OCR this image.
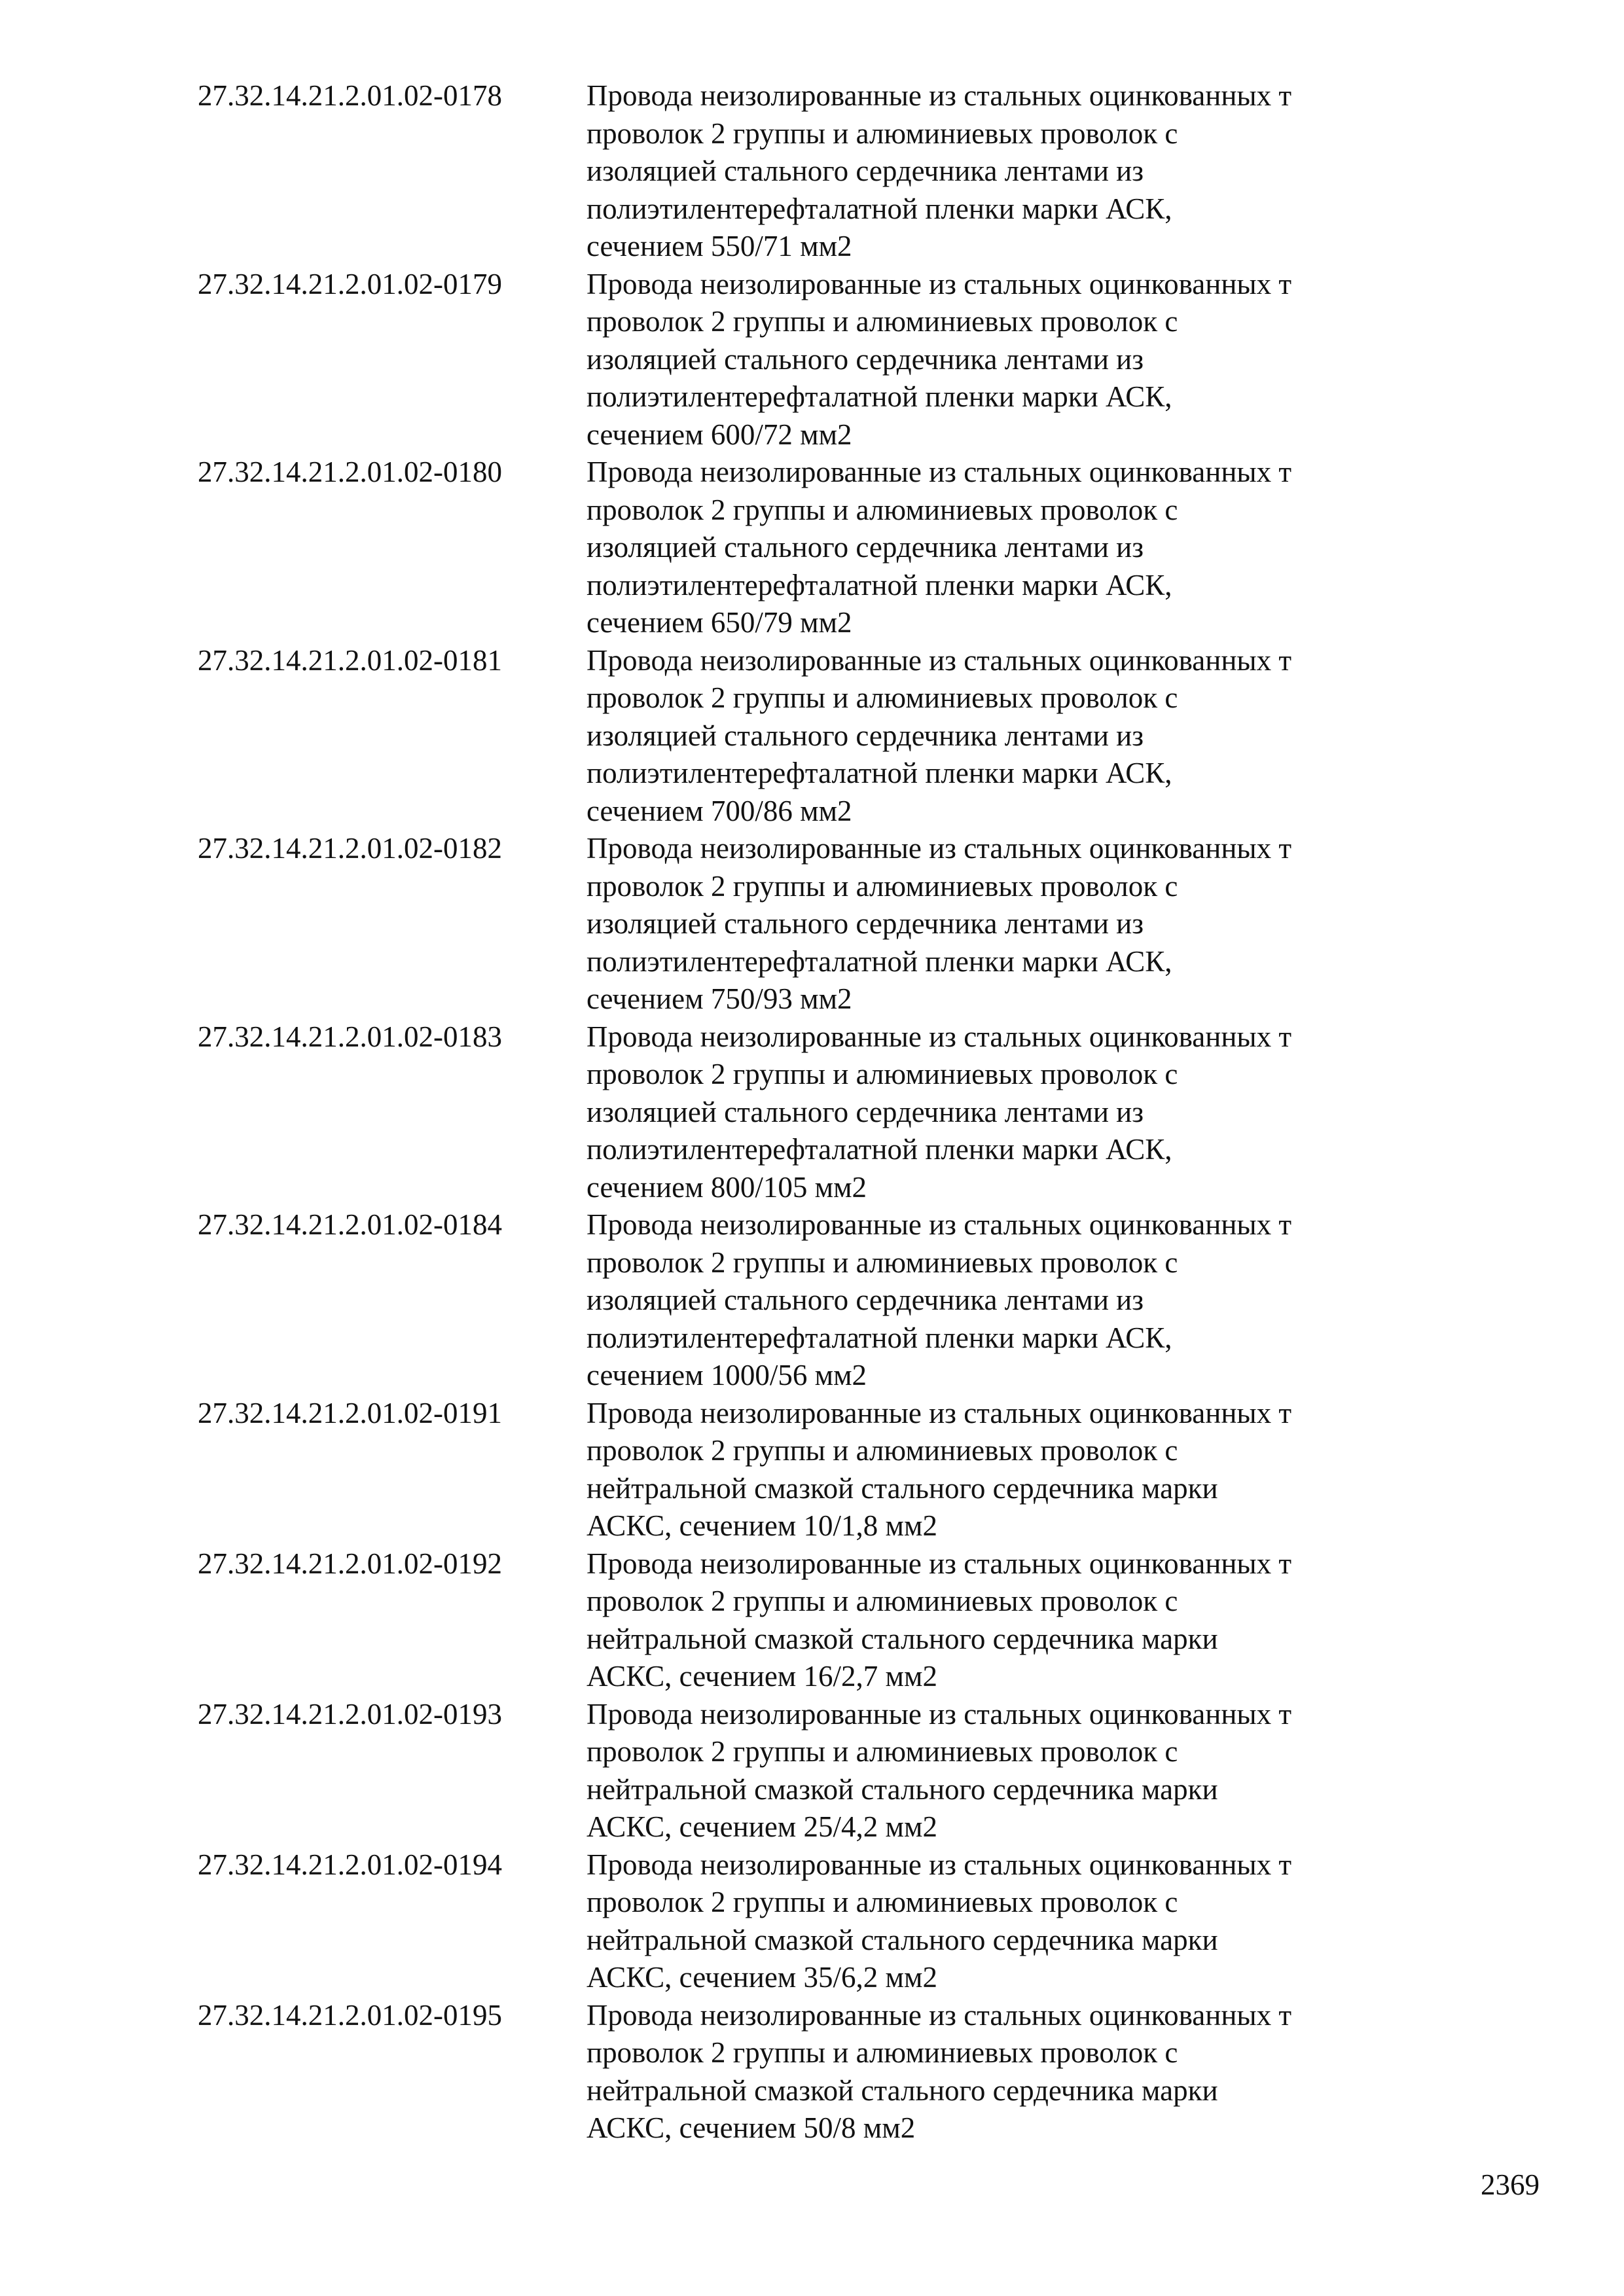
27.32.14.21.2.01.02-0178	Провода неизолированные из стальных оцинкованных т
проволок 2 группы и алюминиевых проволок с
изоляцией стального сердечника лентами из
полиэтилентерефталатной пленки марки АСК,
сечением 550/71 мм2
27.32.14.21.2.01.02-0179	Провода неизолированные из стальных оцинкованных т
проволок 2 группы и алюминиевых проволок с
изоляцией стального сердечника лентами из
полиэтилентерефталатной пленки марки АСК,
сечением 600/72 мм2
27.32.14.21.2.01.02-0180	Провода неизолированные из стальных оцинкованных т
проволок 2 группы и алюминиевых проволок с
изоляцией стального сердечника лентами из
полиэтилентерефталатной пленки марки АСК,
сечением 650/79 мм2
27.32.14.21.2.01.02-0181	Провода неизолированные из стальных оцинкованных т
проволок 2 группы и алюминиевых проволок с
изоляцией стального сердечника лентами из
полиэтилентерефталатной пленки марки АСК,
сечением 700/86 мм2
27.32.14.21.2.01.02-0182	Провода неизолированные из стальных оцинкованных т
проволок 2 группы и алюминиевых проволок с
изоляцией стального сердечника лентами из
полиэтилентерефталатной пленки марки АСК,
сечением 750/93 мм2
27.32.14.21.2.01.02-0183	Провода неизолированные из стальных оцинкованных т
проволок 2 группы и алюминиевых проволок с
изоляцией стального сердечника лентами из
полиэтилентерефталатной пленки марки АСК,
сечением 800/105 мм2
27.32.14.21.2.01.02-0184	Провода неизолированные из стальных оцинкованных т
проволок 2 группы и алюминиевых проволок с
изоляцией стального сердечника лентами из
полиэтилентерефталатной пленки марки АСК,
сечением 1000/56 мм2
27.32.14.21.2.01.02-0191	Провода неизолированные из стальных оцинкованных т
проволок 2 группы и алюминиевых проволок с
нейтральной смазкой стального сердечника марки
АСКС, сечением 10/1,8 мм2
27.32.14.21.2.01.02-0192	Провода неизолированные из стальных оцинкованных т
проволок 2 группы и алюминиевых проволок с
нейтральной смазкой стального сердечника марки
АСКС, сечением 16/2,7 мм2
27.32.14.21.2.01.02-0193	Провода неизолированные из стальных оцинкованных т
проволок 2 группы и алюминиевых проволок с
нейтральной смазкой стального сердечника марки
АСКС, сечением 25/4,2 мм2
27.32.14.21.2.01.02-0194	Провода неизолированные из стальных оцинкованных т
проволок 2 группы и алюминиевых проволок с
нейтральной смазкой стального сердечника марки
АСКС, сечением 35/6,2 мм2
27.32.14.21.2.01.02-0195	Провода неизолированные из стальных оцинкованных т
проволок 2 группы и алюминиевых проволок с
нейтральной смазкой стального сердечника марки
АСКС, сечением 50/8 мм2
2369
